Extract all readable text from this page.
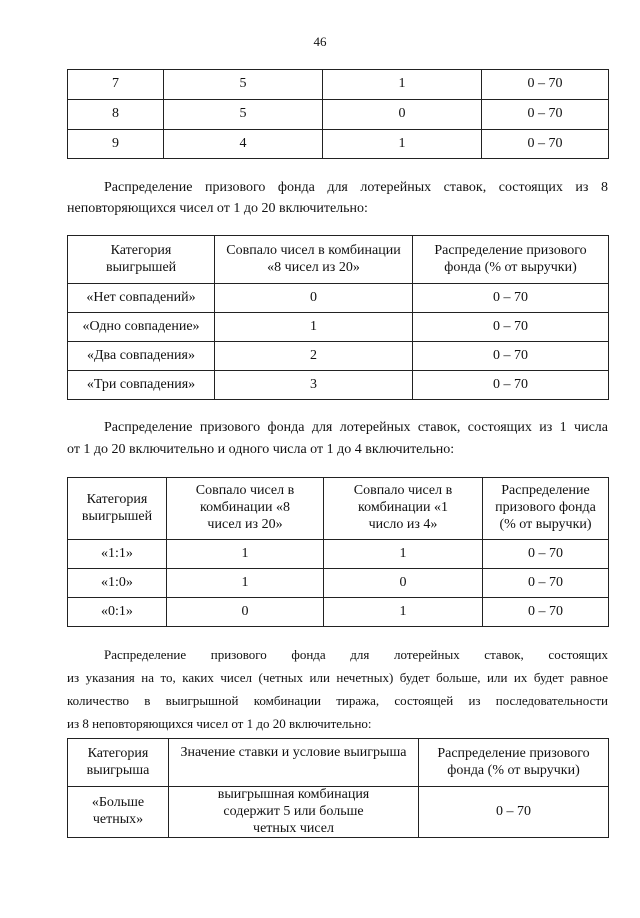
46
7	5	1	0 – 70
8	5	0	0 – 70
9	4	1	0 – 70
Распределение призового фонда для лотерейных ставок, состоящих из 8
неповторяющихся чисел от 1 до 20 включительно:
Категория выигрышей	Совпало чисел в комбинации «8 чисел из 20»	Распределение призового фонда (% от выручки)
«Нет совпадений»	0	0 – 70
«Одно совпадение»	1	0 – 70
«Два совпадения»	2	0 – 70
«Три совпадения»	3	0 – 70
Распределение призового фонда для лотерейных ставок, состоящих из 1 числа
от 1 до 20 включительно и одного числа от 1 до 4 включительно:
Категория выигрышей	Совпало чисел в комбинации «8 чисел из 20»	Совпало чисел в комбинации «1 число из 4»	Распределение призового фонда (% от выручки)
«1:1»	1	1	0 – 70
«1:0»	1	0	0 – 70
«0:1»	0	1	0 – 70
Распределение призового фонда для лотерейных ставок, состоящих
из указания на то, каких чисел (четных или нечетных) будет больше, или их будет равное
количество в выигрышной комбинации тиража, состоящей из последовательности
из 8 неповторяющихся чисел от 1 до 20 включительно:
Категория выигрыша	Значение ставки и условие выигрыша	Распределение призового фонда (% от выручки)
«Больше четных»	выигрышная комбинация содержит 5 или больше четных чисел	0 – 70
